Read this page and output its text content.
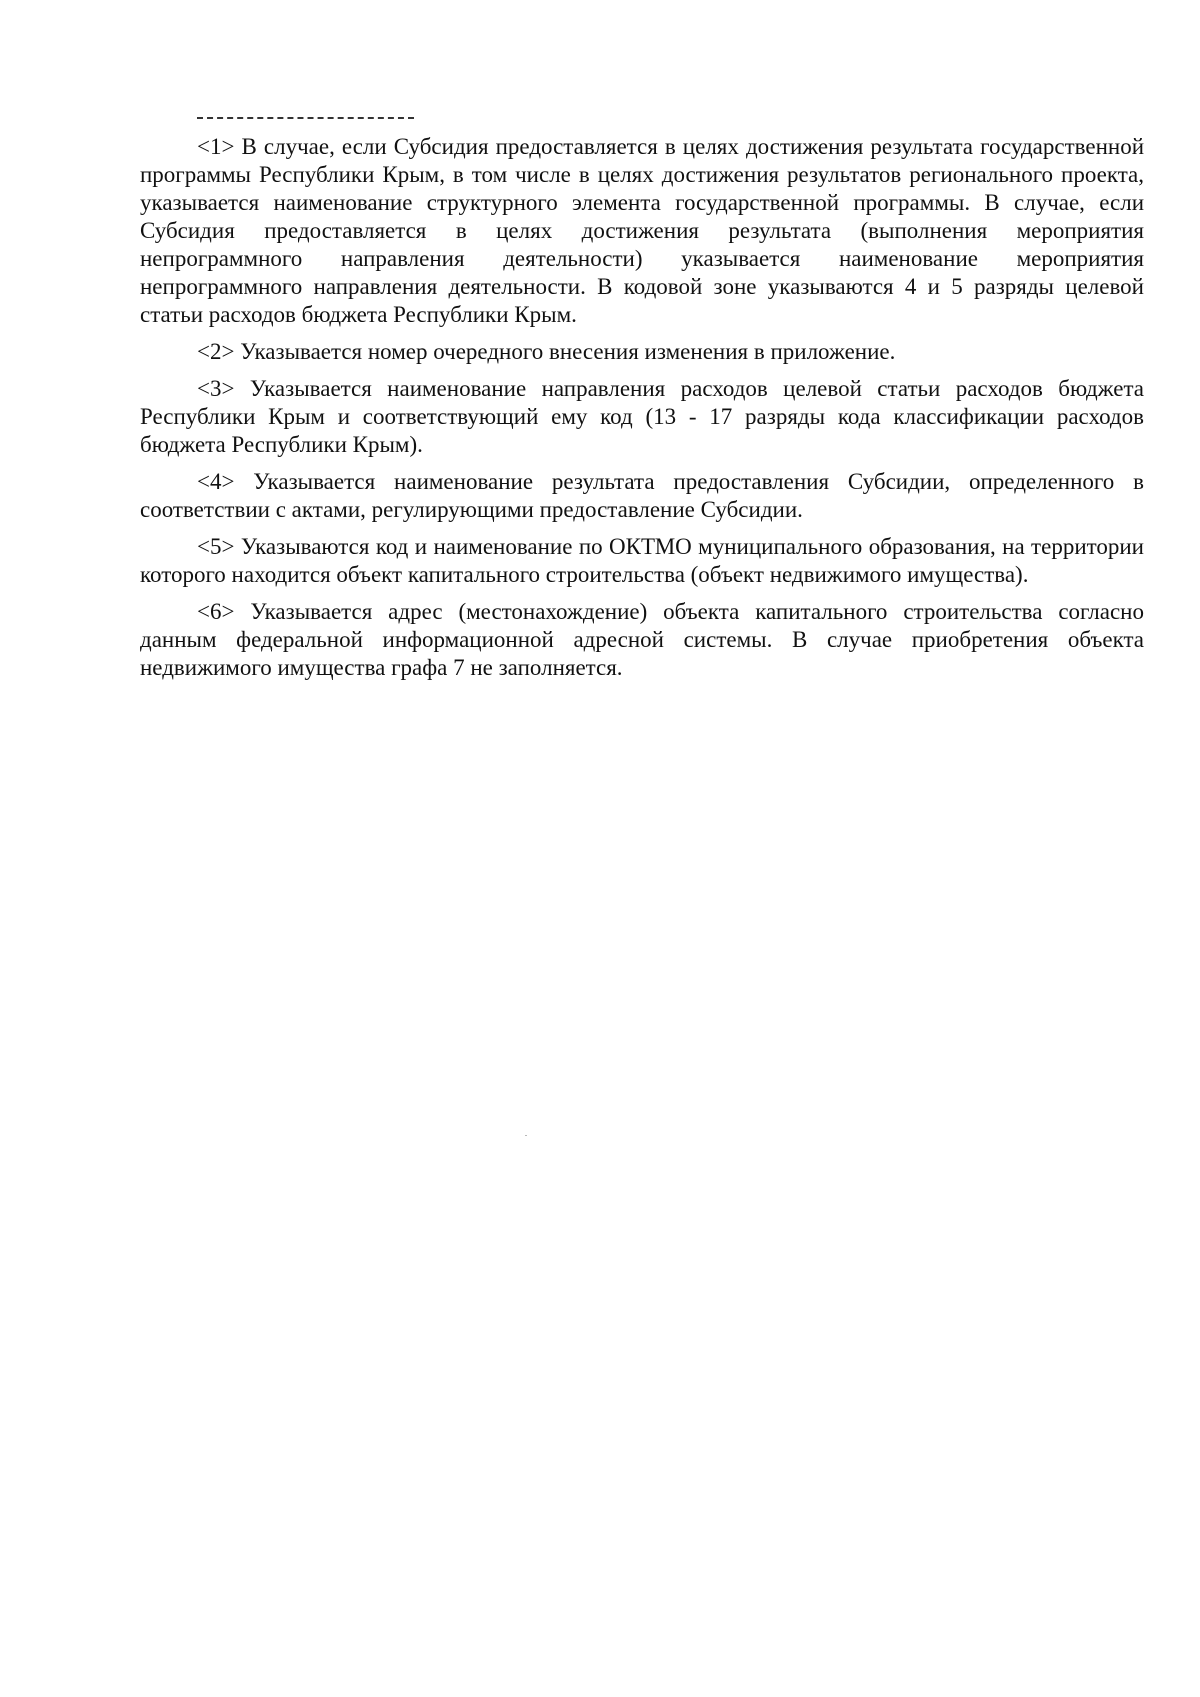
<1> В случае, если Субсидия предоставляется в целях достижения результата государственной программы Республики Крым, в том числе в целях достижения результатов регионального проекта, указывается наименование структурного элемента государственной программы. В случае, если Субсидия предоставляется в целях достижения результата (выполнения мероприятия непрограммного направления деятельности) указывается наименование мероприятия непрограммного направления деятельности. В кодовой зоне указываются 4 и 5 разряды целевой статьи расходов бюджета Республики Крым.

<2> Указывается номер очередного внесения изменения в приложение.

<3> Указывается наименование направления расходов целевой статьи расходов бюджета Республики Крым и соответствующий ему код (13 - 17 разряды кода классификации расходов бюджета Республики Крым).

<4> Указывается наименование результата предоставления Субсидии, определенного в соответствии с актами, регулирующими предоставление Субсидии.

<5> Указываются код и наименование по ОКТМО муниципального образования, на территории которого находится объект капитального строительства (объект недвижимого имущества).

<6> Указывается адрес (местонахождение) объекта капитального строительства согласно данным федеральной информационной адресной системы. В случае приобретения объекта недвижимого имущества графа 7 не заполняется.
